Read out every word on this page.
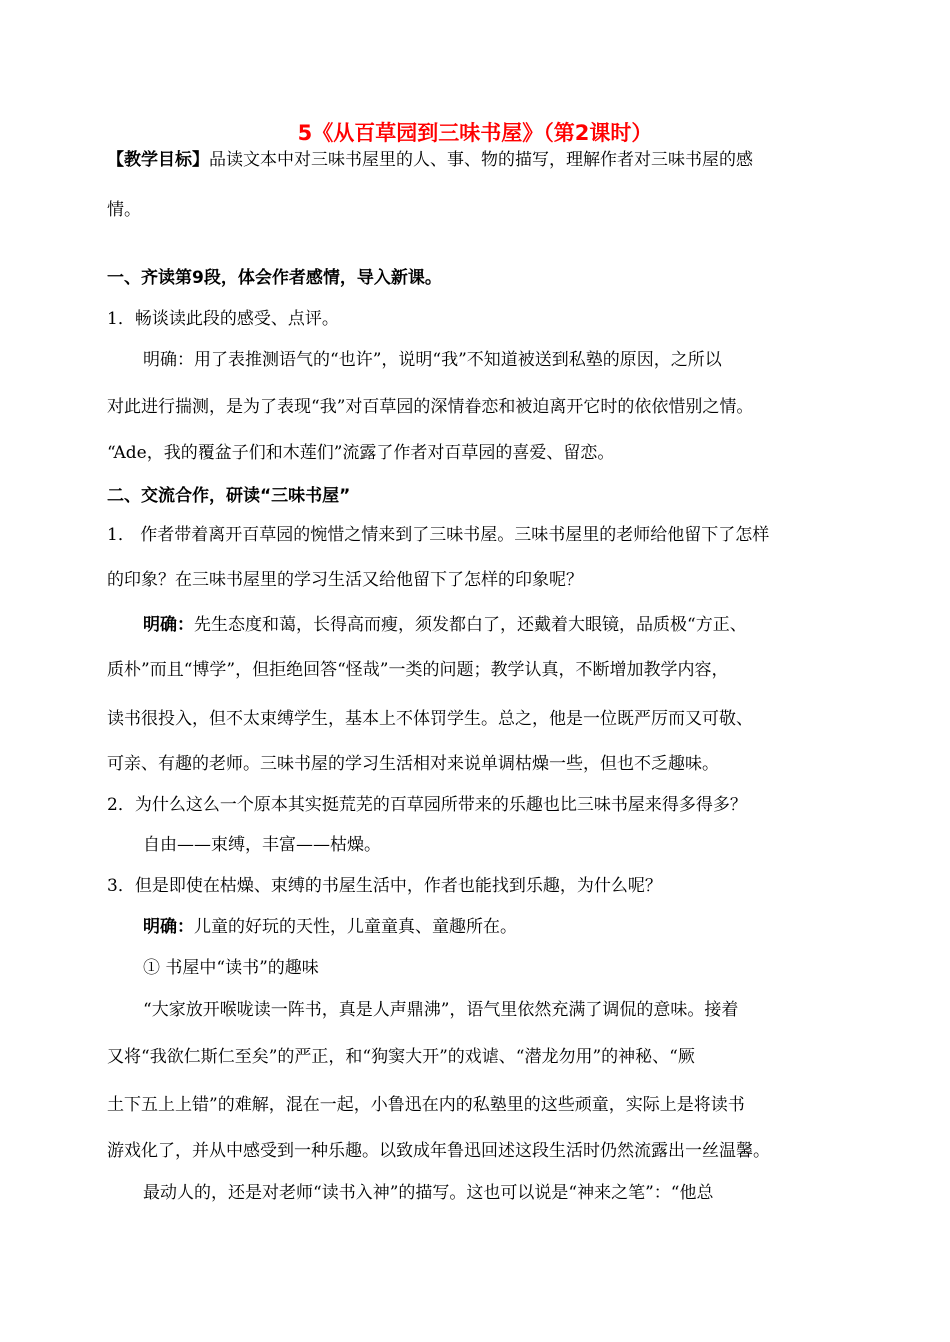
5《从百草园到三味书屋》（第2课时）
【教学目标】品读文本中对三味书屋里的人、事、物的描写，理解作者对三味书屋的感
情。
一、齐读第9段，体会作者感情，导入新课。
1．畅谈读此段的感受、点评。
明确：用了表推测语气的“也许”，说明“我”不知道被送到私塾的原因，之所以
对此进行揣测，是为了表现“我”对百草园的深情眷恋和被迫离开它时的依依惜别之情。
“Ade，我的覆盆子们和木莲们”流露了作者对百草园的喜爱、留恋。
二、交流合作，研读“三味书屋”
1． 作者带着离开百草园的惋惜之情来到了三味书屋。三味书屋里的老师给他留下了怎样
的印象？在三味书屋里的学习生活又给他留下了怎样的印象呢？
明确：先生态度和蔼，长得高而瘦，须发都白了，还戴着大眼镜，品质极“方正、
质朴”而且“博学”，但拒绝回答“怪哉”一类的问题；教学认真，不断增加教学内容，
读书很投入，但不太束缚学生，基本上不体罚学生。总之，他是一位既严厉而又可敬、
可亲、有趣的老师。三味书屋的学习生活相对来说单调枯燥一些，但也不乏趣味。
2．为什么这么一个原本其实挺荒芜的百草园所带来的乐趣也比三味书屋来得多得多？
自由——束缚，丰富——枯燥。
3．但是即使在枯燥、束缚的书屋生活中，作者也能找到乐趣，为什么呢？
明确：儿童的好玩的天性，儿童童真、童趣所在。
① 书屋中“读书”的趣味
“大家放开喉咙读一阵书，真是人声鼎沸”，语气里依然充满了调侃的意味。接着
又将“我欲仁斯仁至矣”的严正，和“狗窦大开”的戏谑、“潜龙勿用”的神秘、“厥
土下五上上错”的难解，混在一起，小鲁迅在内的私塾里的这些顽童，实际上是将读书
游戏化了，并从中感受到一种乐趣。以致成年鲁迅回述这段生活时仍然流露出一丝温馨。
最动人的，还是对老师“读书入神”的描写。这也可以说是“神来之笔”：“他总
